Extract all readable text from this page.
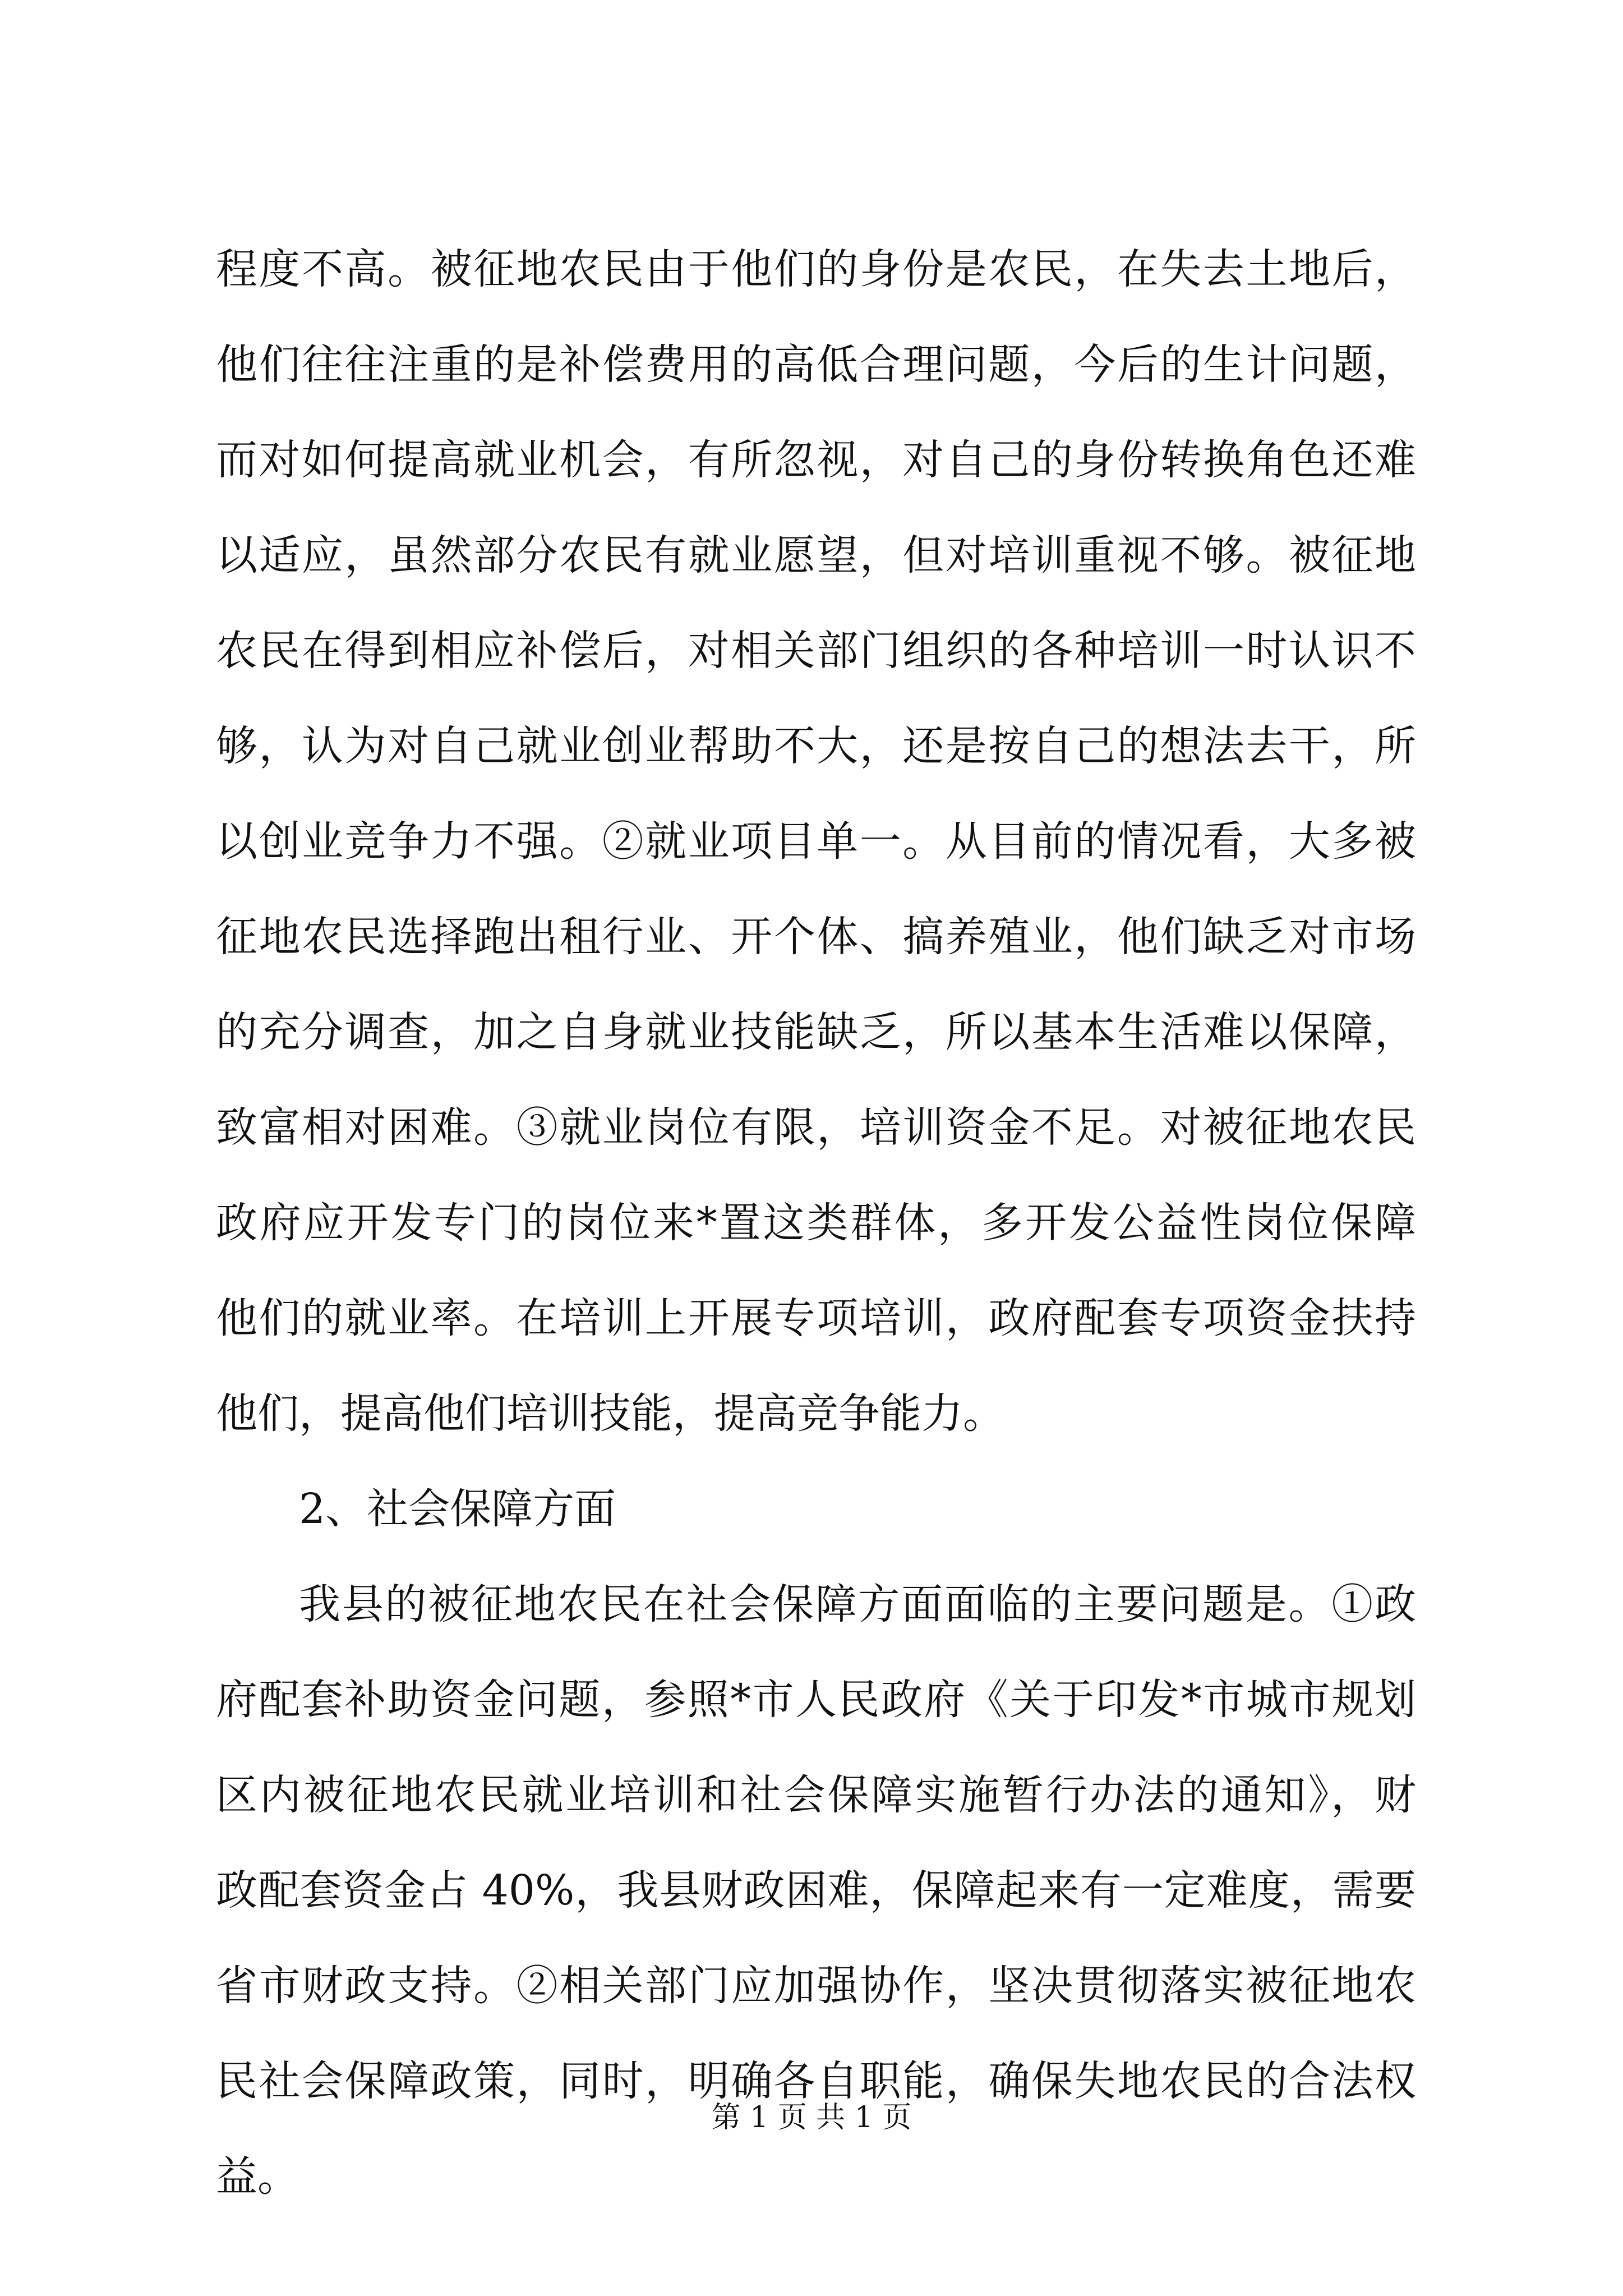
程度不高。被征地农民由于他们的身份是农民，在失去土地后，
他们往往注重的是补偿费用的高低合理问题，今后的生计问题，
而对如何提高就业机会，有所忽视，对自己的身份转换角色还难
以适应，虽然部分农民有就业愿望，但对培训重视不够。被征地
农民在得到相应补偿后，对相关部门组织的各种培训一时认识不
够，认为对自己就业创业帮助不大，还是按自己的想法去干，所
以创业竞争力不强。②就业项目单一。从目前的情况看，大多被
征地农民选择跑出租行业、开个体、搞养殖业，他们缺乏对市场
的充分调查，加之自身就业技能缺乏，所以基本生活难以保障，
致富相对困难。③就业岗位有限，培训资金不足。对被征地农民
政府应开发专门的岗位来*置这类群体，多开发公益性岗位保障
他们的就业率。在培训上开展专项培训，政府配套专项资金扶持
他们，提高他们培训技能，提高竞争能力。
2、社会保障方面
我县的被征地农民在社会保障方面面临的主要问题是。①政
府配套补助资金问题，参照*市人民政府《关于印发*市城市规划
区内被征地农民就业培训和社会保障实施暂行办法的通知》，财
政配套资金占 40%，我县财政困难，保障起来有一定难度，需要
省市财政支持。②相关部门应加强协作，坚决贯彻落实被征地农
民社会保障政策，同时，明确各自职能，确保失地农民的合法权
益。
第 1 页 共 1 页
